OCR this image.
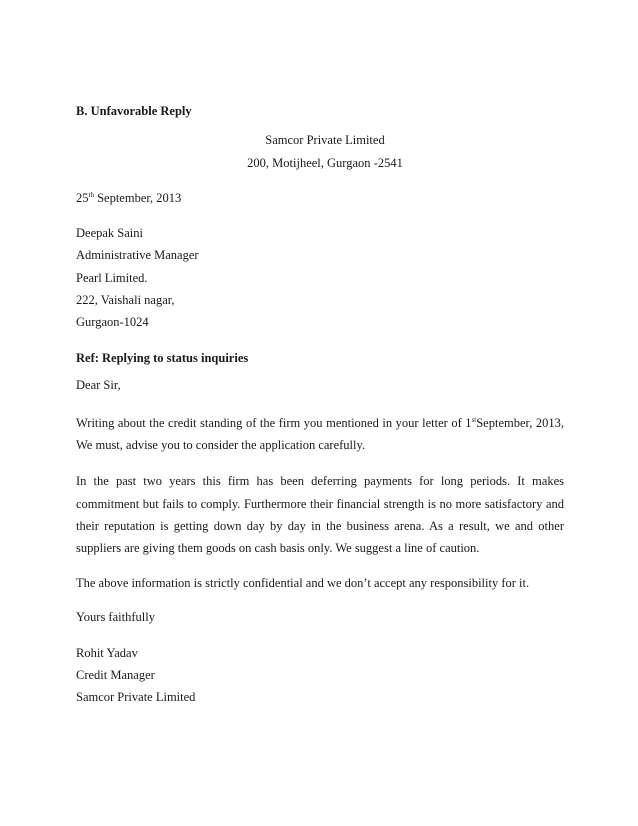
B. Unfavorable Reply
Samcor Private Limited
200, Motijheel, Gurgaon -2541
25th September, 2013
Deepak Saini
Administrative Manager
Pearl Limited.
222, Vaishali nagar,
Gurgaon-1024
Ref: Replying to status inquiries
Dear Sir,
Writing about the credit standing of the firm you mentioned in your letter of 1stSeptember, 2013,
We must, advise you to consider the application carefully.
In the past two years this firm has been deferring payments for long periods. It makes
commitment but fails to comply. Furthermore their financial strength is no more satisfactory and
their reputation is getting down day by day in the business arena. As a result, we and other
suppliers are giving them goods on cash basis only. We suggest a line of caution.
The above information is strictly confidential and we don’t accept any responsibility for it.
Yours faithfully
Rohit Yadav
Credit Manager
Samcor Private Limited
